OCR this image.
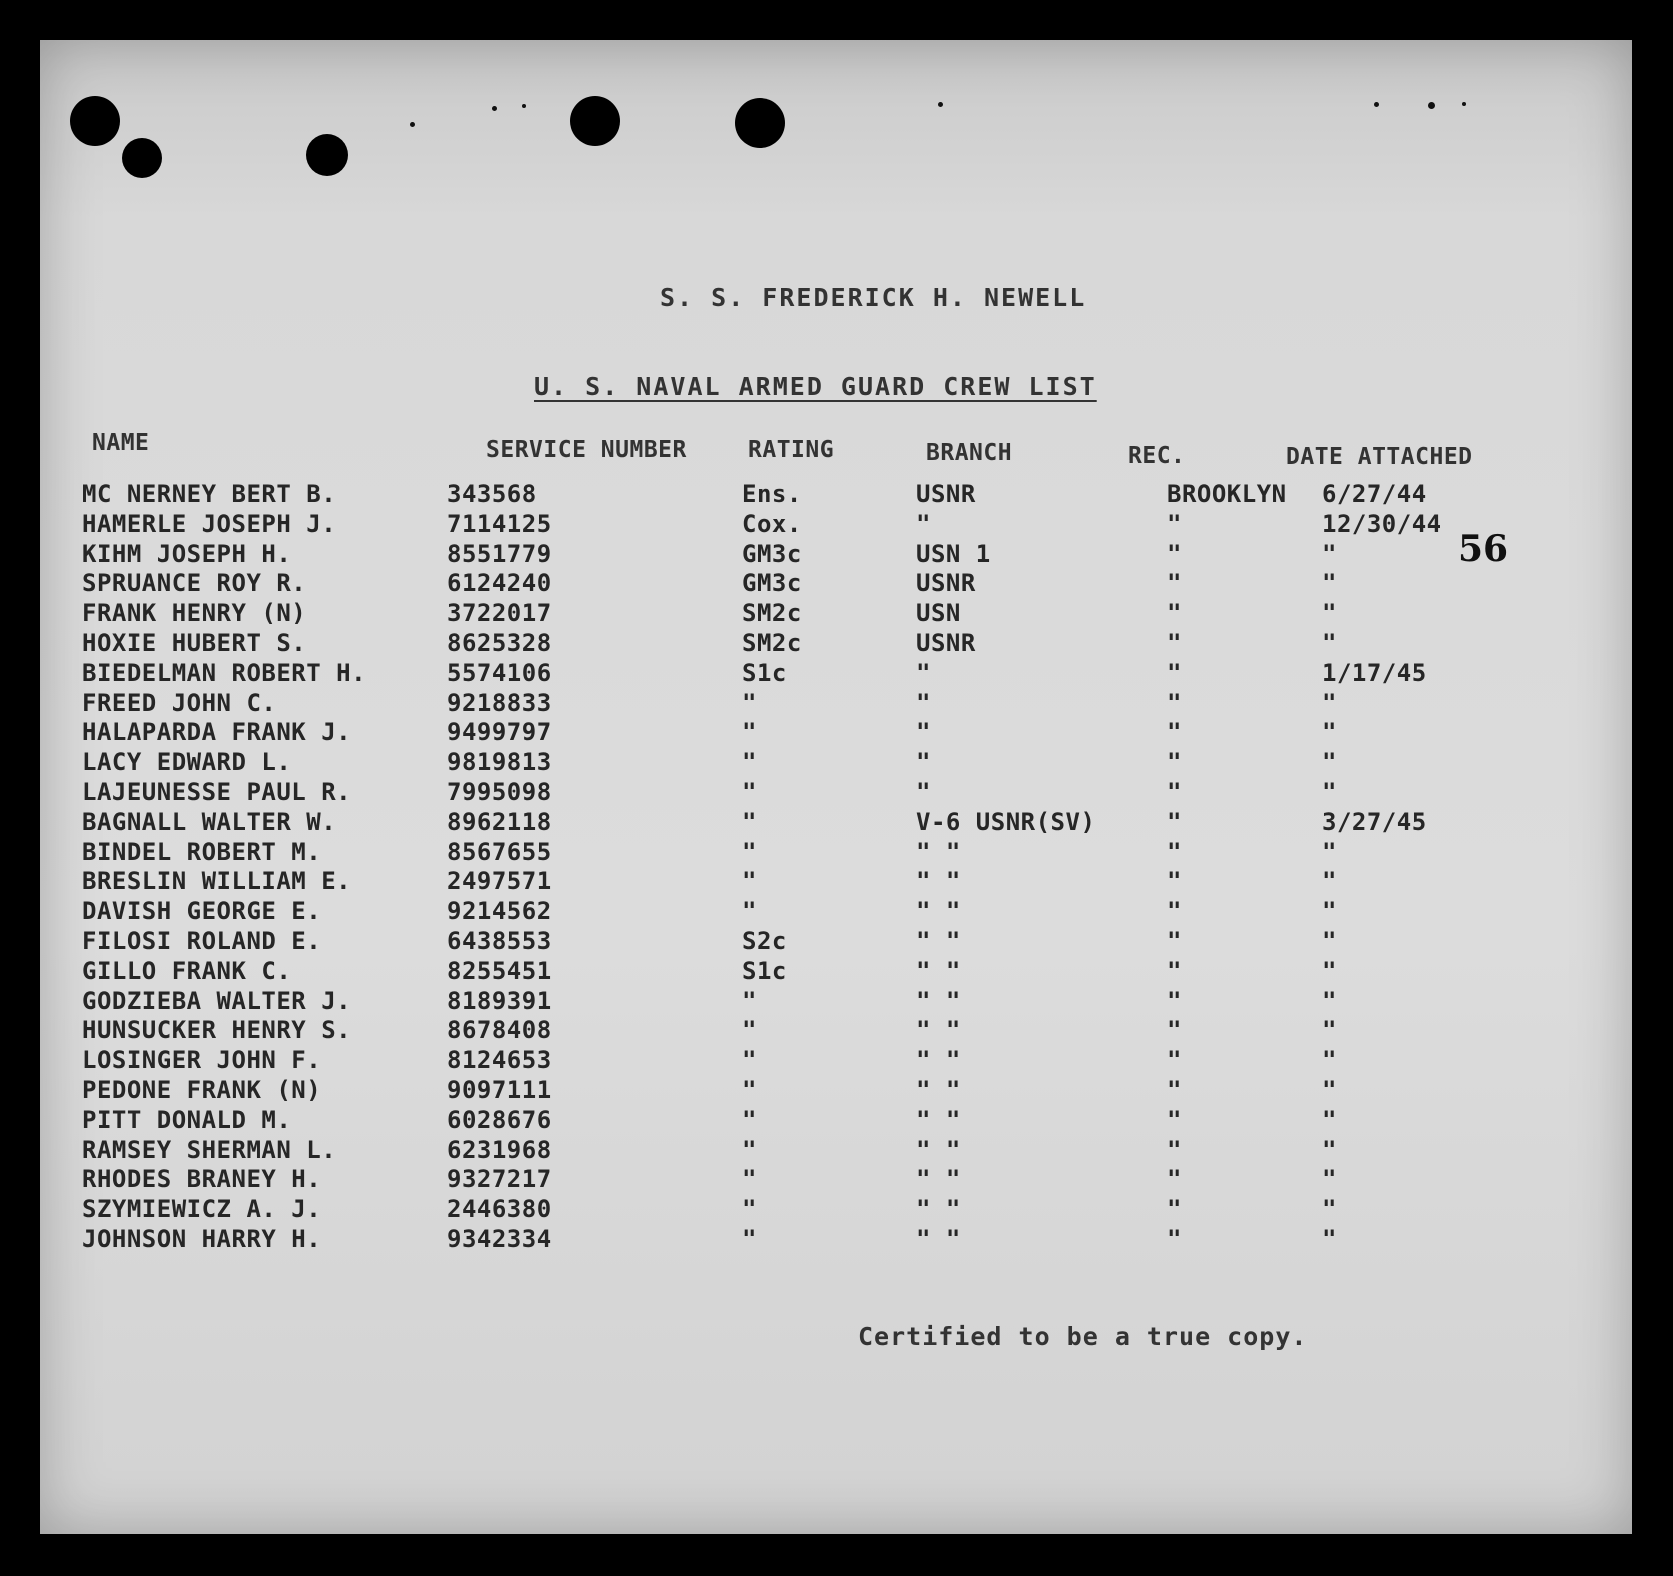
S. S. FREDERICK H. NEWELL
U. S. NAVAL ARMED GUARD CREW LIST
56
NAME	SERVICE NUMBER	RATING	BRANCH	REC.	DATE ATTACHED
MC NERNEY BERT B.	343568	Ens.	USNR	BROOKLYN 6/27/44
HAMERLE JOSEPH J.	7114125	Cox.	"	"	12/30/44
KIHM JOSEPH H.	8551779	GM3c	USN 1	"	"
SPRUANCE ROY R.	6124240	GM3c	USNR	"	"
FRANK HENRY (N)	3722017	SM2c	USN	"	"
HOXIE HUBERT S.	8625328	SM2c	USNR	"	"
BIEDELMAN ROBERT H.	5574106	S1c	"	"	1/17/45
FREED JOHN C.	9218833	"	"	"	"
HALAPARDA FRANK J.	9499797	"	"	"	"
LACY EDWARD L.	9819813	"	"	"	"
LAJEUNESSE PAUL R.	7995098	"	"	"	"
BAGNALL WALTER W.	8962118	"	V-6 USNR(SV)	"	3/27/45
BINDEL ROBERT M.	8567655	"	" "	"	"
BRESLIN WILLIAM E.	2497571	"	" "	"	"
DAVISH GEORGE E.	9214562	"	" "	"	"
FILOSI ROLAND E.	6438553	S2c	" "	"	"
GILLO FRANK C.	8255451	S1c	" "	"	"
GODZIEBA WALTER J.	8189391	"	" "	"	"
HUNSUCKER HENRY S.	8678408	"	" "	"	"
LOSINGER JOHN F.	8124653	"	" "	"	"
PEDONE FRANK (N)	9097111	"	" "	"	"
PITT DONALD M.	6028676	"	" "	"	"
RAMSEY SHERMAN L.	6231968	"	" "	"	"
RHODES BRANEY H.	9327217	"	" "	"	"
SZYMIEWICZ A. J.	2446380	"	" "	"	"
JOHNSON HARRY H.	9342334	"	" "	"	"
Certified to be a true copy.
